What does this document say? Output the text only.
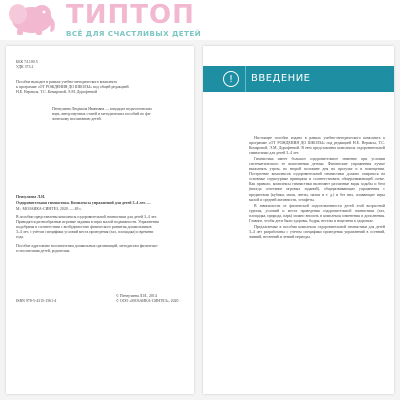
ТИПТОП
ВСЁ ДЛЯ СЧАСТЛИВЫХ ДЕТЕЙ
ББК 74.100.5
УДК 373.2
Пособие выходит в рамках учебно-методического комплекта
к программе «ОТ РОЖДЕНИЯ ДО ШКОЛЫ» под общей редакцией
Н.Е. Вераксы, Т.С. Комаровой, Э.М. Дорофеевой
Пензулаева Людмила Ивановна — кандидат педагогических
наук, автор научных статей и методических пособий по фи-
зическому воспитанию детей.
Пензулаева Л.И.
Оздоровительная гимнастика. Комплексы упражнений для детей 3–4 лет. —
М.: МОЗАИКА-СИНТЕЗ, 2020. — 48 с.
В пособии представлены комплексы оздоровительной гимнастики для детей 3–4 лет.
Приводятся разнообразные игровые задания в игры малой подвижности. Упражнения
подобраны в соответствии с возбудимостью физического развития дошкольников
3–4 лет, с учётом специфики условий места проведения (зал, площадка) и времени
года.
Пособие адресовано воспитателям дошкольных организаций, методистам физическо-
го воспитания детей, родителям.
© Пензулаева Л.И., 2014
© ООО «МОЗАИКА-СИНТЕЗ», 2020
ISBN 978-5-4315-1561-4
!	ВВЕДЕНИЕ

Настоящее пособие издано в рамках учебно-методического комплекта к программе «ОТ РОЖДЕНИЯ ДО ШКОЛЫ» под редакцией Н.Е. Вераксы, Т.С. Комаровой, Э.М. Дорофеевой. В нем представлены комплексы оздоровительной гимнастики для детей 3–4 лет.

Гимнастика имеет большое оздоровительное значение при условии систематического ее выполнения детьми. Физические упражнения лучше выполнять утром, во второй половине дня на прогулке и в помещении. Построение комплексов оздоровительной гимнастики должно опираться на основные структурные принципы и соответствовать общеразвивающей схеме. Как правило, комплексы гимнастики включают различные виды ходьбы и бега (иногда сочетание игровых заданий), общеразвивающие упражнения с предметами (кубики, мячи, ленты, палки и т. д.) и без них, плавающие игры малой и средней активности, эстафеты.

В зависимости от физической подготовленности детей этой возрастной группы, условий и места проведения оздоровительной гимнастики (зал, площадка, природа, парк) можно вносить в комплексы изменения и дополнения. Главное, чтобы дети были здоровы, бодры, веселы и нацелены к здоровью.

Предлагаемые в пособии комплексы оздоровительной гимнастики для детей 3–4 лет разработаны с учетом специфики проведения упражнений в осенний, зимний, весенний и летний периоды.
